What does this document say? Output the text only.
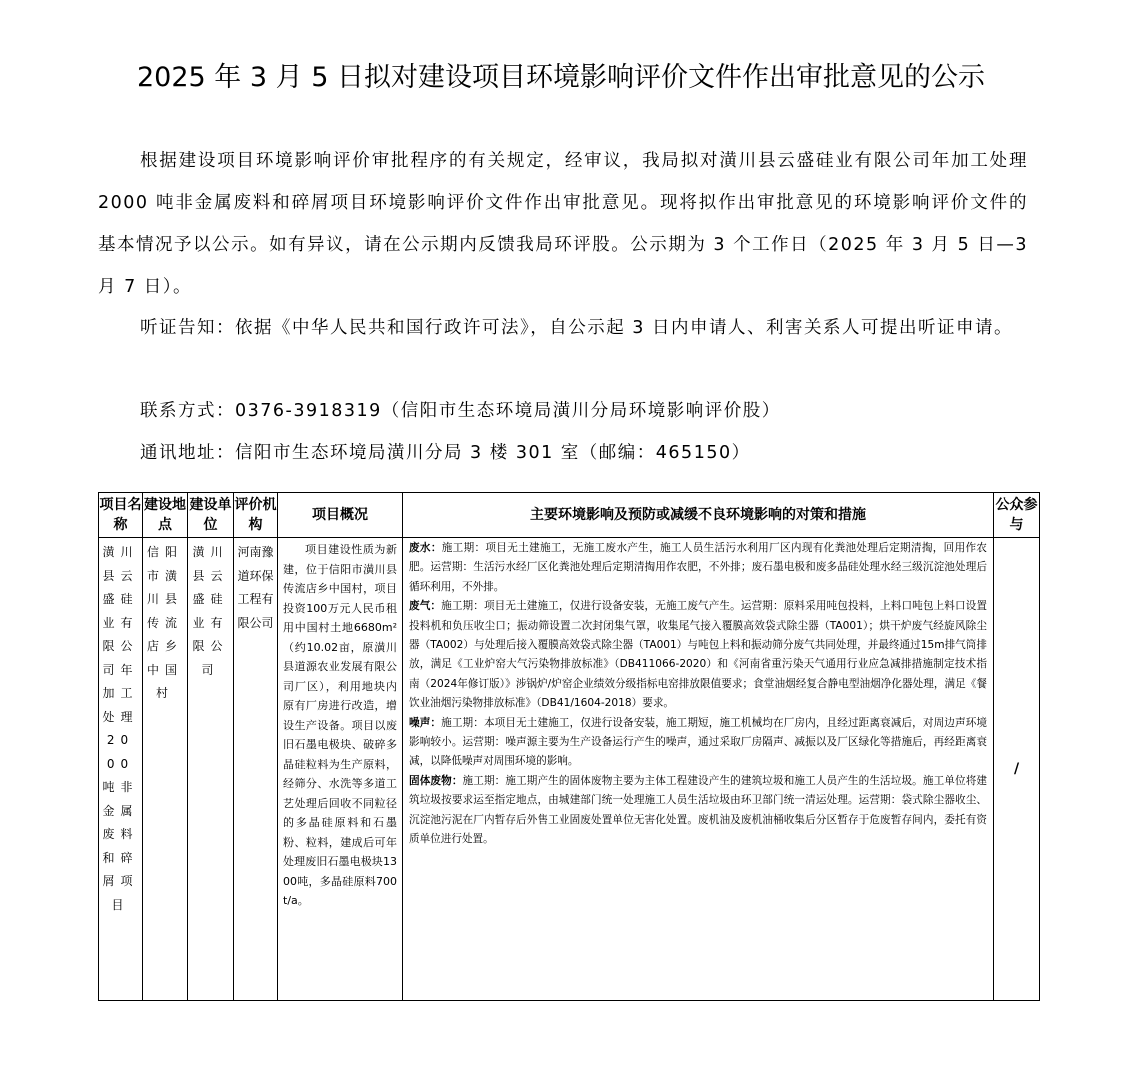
2025 年 3 月 5 日拟对建设项目环境影响评价文件作出审批意见的公示
根据建设项目环境影响评价审批程序的有关规定，经审议，我局拟对潢川县云盛硅业有限公司年加工处理 2000 吨非金属废料和碎屑项目环境影响评价文件作出审批意见。现将拟作出审批意见的环境影响评价文件的基本情况予以公示。如有异议，请在公示期内反馈我局环评股。公示期为 3 个工作日（2025 年 3 月 5 日—3 月 7 日）。
听证告知：依据《中华人民共和国行政许可法》，自公示起 3 日内申请人、利害关系人可提出听证申请。
联系方式：0376-3918319（信阳市生态环境局潢川分局环境影响评价股）
通讯地址：信阳市生态环境局潢川分局 3 楼 301 室（邮编：465150）
项目名称	建设地点	建设单位	评价机构	项目概况	主要环境影响及预防或减缓不良环境影响的对策和措施	公众参与
潢川县云盛硅业有限公司年加工处理2000吨非金属废料和碎屑项目	信阳市潢川县传流店乡中国村	潢川县云盛硅业有限公司	河南豫道环保工程有限公司	项目建设性质为新建，位于信阳市潢川县传流店乡中国村，项目投资100万元人民币租用中国村土地6680m²（约10.02亩，原潢川县道源农业发展有限公司厂区），利用地块内原有厂房进行改造，增设生产设备。项目以废旧石墨电极块、破碎多晶硅粒料为生产原料，经筛分、水洗等多道工艺处理后回收不同粒径的多晶硅原料和石墨粉、粒料，建成后可年处理废旧石墨电极块1300吨，多晶硅原料700t/a。	废水：施工期：项目无土建施工，无施工废水产生，施工人员生活污水利用厂区内现有化粪池处理后定期清掏，回用作农肥。运营期：生活污水经厂区化粪池处理后定期清掏用作农肥，不外排；废石墨电极和废多晶硅处理水经三级沉淀池处理后循环利用，不外排。
废气：施工期：项目无土建施工，仅进行设备安装，无施工废气产生。运营期：原料采用吨包投料，上料口吨包上料口设置投料机和负压收尘口；振动筛设置二次封闭集气罩，收集尾气接入覆膜高效袋式除尘器（TA001）；烘干炉废气经旋风除尘器（TA002）与处理后接入覆膜高效袋式除尘器（TA001）与吨包上料和振动筛分废气共同处理，并最终通过15m排气筒排放，满足《工业炉窑大气污染物排放标准》（DB411066-2020）和《河南省重污染天气通用行业应急减排措施制定技术指南（2024年修订版）》涉锅炉/炉窑企业绩效分级指标电窑排放限值要求；食堂油烟经复合静电型油烟净化器处理，满足《餐饮业油烟污染物排放标准》（DB41/1604-2018）要求。
噪声：施工期：本项目无土建施工，仅进行设备安装，施工期短，施工机械均在厂房内，且经过距离衰减后，对周边声环境影响较小。运营期：噪声源主要为生产设备运行产生的噪声，通过采取厂房隔声、减振以及厂区绿化等措施后，再经距离衰减，以降低噪声对周围环境的影响。
固体废物：施工期：施工期产生的固体废物主要为主体工程建设产生的建筑垃圾和施工人员产生的生活垃圾。施工单位将建筑垃圾按要求运至指定地点，由城建部门统一处理施工人员生活垃圾由环卫部门统一清运处理。运营期：袋式除尘器收尘、沉淀池污泥在厂内暂存后外售工业固废处置单位无害化处置。废机油及废机油桶收集后分区暂存于危废暂存间内，委托有资质单位进行处置。	/
